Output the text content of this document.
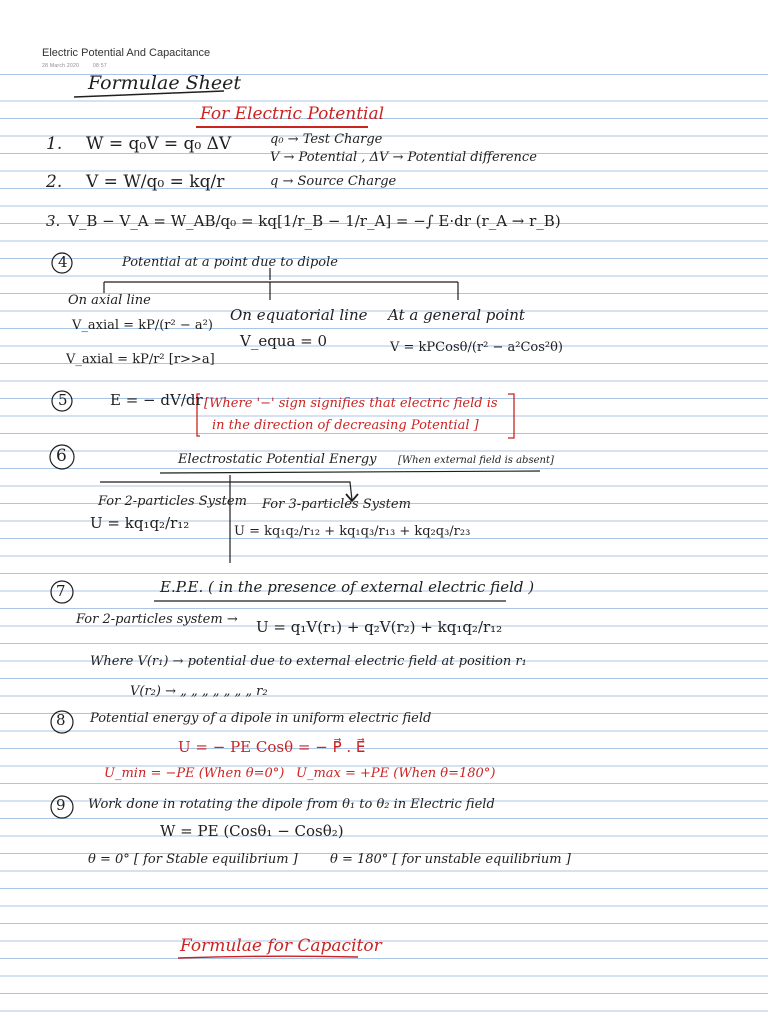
Electric Potential And Capacitance
28 March 2020	08:57
Formulae Sheet
For Electric Potential
1. W = q₀V = q₀ ΔV	q₀ → Test Charge
V → Potential , ΔV → Potential difference
2. V = W/q₀ = kq/r	q → Source Charge
3. V_B − V_A = W_AB/q₀ = kq[1/r_B − 1/r_A] = −∫ E·dr (r_A → r_B)
4	Potential at a point due to dipole
On axial line
V_axial = kP/(r² − a²)
V_axial = kP/r² [r>>a]
On equatorial line
V_equa = 0
At a general point
V = kPCosθ/(r² − a²Cos²θ)
5	E = − dV/dr [Where '−' sign signifies that electric field is
in the direction of decreasing Potential ]
6	Electrostatic Potential Energy [When external field is absent]
For 2-particles System
U = kq₁q₂/r₁₂
For 3-particles System
U = kq₁q₂/r₁₂ + kq₁q₃/r₁₃ + kq₂q₃/r₂₃
7	E.P.E. ( in the presence of external electric field )
For 2-particles system → U = q₁V(r₁) + q₂V(r₂) + kq₁q₂/r₁₂
Where V(r₁) → potential due to external electric field at position r₁
V(r₂) → „ „ „ „ „ „ „ r₂
8 Potential energy of a dipole in uniform electric field
U = − PE Cosθ = − P⃗ . E⃗
U_min = −PE (When θ=0°) U_max = +PE (When θ=180°)
9 Work done in rotating the dipole from θ₁ to θ₂ in Electric field
W = PE (Cosθ₁ − Cosθ₂)
θ = 0° [ for Stable equilibrium ] θ = 180° [ for unstable equilibrium ]
Formulae for Capacitor
